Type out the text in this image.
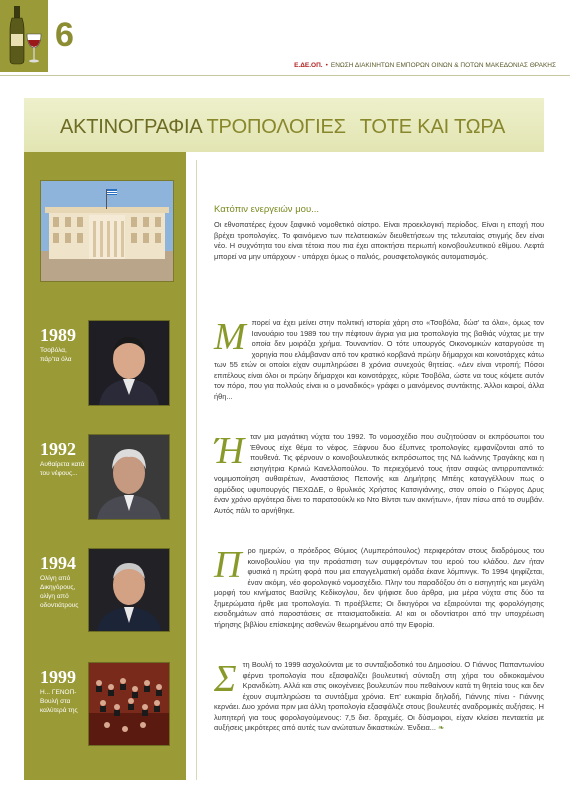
6
Ε.ΔΕ.ΟΠ. • ΕΝΩΣΗ ΔΙΑΚΙΝΗΤΩΝ ΕΜΠΟΡΩΝ ΟΙΝΩΝ & ΠΟΤΩΝ ΜΑΚΕΔΟΝΙΑΣ ΘΡΑΚΗΣ
ΑΚΤΙΝΟΓΡΑΦΙΑ ΤΡΟΠΟΛΟΓΙΕΣ ΤΟΤΕ ΚΑΙ ΤΩΡΑ
1989
Τσοβόλα, πάρ'τα όλα
1992
Αυθαίρετα κατά του νέφους...
1994
Ολίγη από Δικηγόρους, ολίγη από οδοντιάτρους
1999
Η... ΓΕΝΟΠ-Βουλή στα καλύτερά της
Κατόπιν ενεργειών μου...
Οι εθνοπατέρες έχουν ξαφνικό νομοθετικό οίστρο. Είναι προεκλογική περίοδος. Είναι η εποχή που βρέχει τροπολογίες. Το φαινόμενο των πελατειακών διευθετήσεων της τελευταίας στιγμής δεν είναι νέο. Η συχνότητα του είναι τέτοια που πια έχει αποκτήσει περιωπή κοινοβουλευτικού εθίμου. Λεφτά μπορεί να μην υπάρχουν - υπάρχει όμως ο παλιός, ρουσφετολογικός αυτοματισμός.
Μπορεί να έχει μείνει στην πολιτική ιστορία χάρη στο «Τσοβόλα, δώσ' τα όλα», όμως τον Ιανουάριο του 1989 του την πέφτουν άγρια για μια τροπολογία της βαθιάς νύχτας με την οποία δεν μοιράζει χρήμα. Τουναντίον. Ο τότε υπουργός Οικονομικών καταργούσε τη χορηγία που ελάμβαναν από τον κρατικό κορβανά πρώην δήμαρχοι και κοινοτάρχες κάτω των 55 ετών οι οποίοι είχαν συμπληρώσει 8 χρόνια συνεχούς θητείας. «Δεν είναι ντροπή; Πόσοι επιτέλους είναι όλοι οι πρώην δήμαρχοι και κοινοτάρχες, κύριε Τσοβόλα, ώστε να τους κόψετε αυτόν τον πόρο, που για πολλούς είναι κι ο μοναδικός» γράφει ο μαινόμενος συντάκτης. Άλλοι καιροί, άλλα ήθη...
Ήταν μια μαγιάτικη νύχτα του 1992. Το νομοσχέδιο που συζητούσαν οι εκπρόσωποι του Έθνους είχε θέμα το νέφος. Ξάφνου δυο έξυπνες τροπολογίες εμφανίζονται από το πουθενά. Τις φέρνουν ο κοινοβουλευτικός εκπρόσωπος της ΝΔ Ιωάννης Τραγάκης και η εισηγήτρια Κρινιώ Κανελλοπούλου. Το περιεχόμενό τους ήταν σαφώς αντιρρυπαντικό: νομιμοποίηση αυθαιρέτων, Αναστάσιος Πεπονής και Δημήτρης Μπέης καταγγέλλουν πως ο αρμόδιος υφυπουργός ΠΕΧΩΔΕ, ο θρυλικός Χρήστος Κατσιγιάννης, στον οποίο ο Γιώργος Δρυς έναν χρόνο αργότερα δίνει το παρατσούκλι κο Ντο Βίντσι των ακινήτων», ήταν πίσω από το συμβάν. Αυτός πάλι το αρνήθηκε.
Προ ημερών, ο πρόεδρος Θύμιος (Λυμπερόπουλος) περιφερόταν στους διαδρόμους του κοινοβουλίου για την προάσπιση των συμφερόντων του ιερού του κλάδου. Δεν ήταν φυσικά η πρώτη φορά που μια επαγγελματική ομάδα έκανε λόμπινγκ. Το 1994 ψηφίζεται, έναν ακόμη, νέο φορολογικό νομοσχέδιο. Πλην του παραδόξου ότι ο εισηγητής και μεγάλη μορφή του κινήματος Βασίλης Κεδίκογλου, δεν ψήφισε δυο άρθρα, μια μέρα νύχτα στις δύο τα ξημερώματα ήρθε μια τροπολογία. Τι προέβλεπε; Οι δικηγόροι να εξαιρούνται της φορολόγησης εισοδημάτων από παροστάσεις σε πταισματοδικεία. Α! και οι οδοντίατροι από την υποχρέωση τήρησης βιβλίου επίσκεψης ασθενών θεωρημένου από την Εφορία.
Στη Βουλή το 1999 ασχολούνται με το συνταξιοδοτικό του Δημοσίου. Ο Γιάννος Παπαντωνίου φέρνει τροπολογία που εξασφαλίζει βουλευτική σύνταξη στη χήρα του οδικοκαμένου Κρανιδιώτη. Αλλά και στις οικογένειες βουλευτών που πεθαίνουν κατά τη θητεία τους και δεν έχουν συμπληρώσει τα συντάξιμα χρόνια. Επ' ευκαιρία δηλαδή, Γιάννης πίνει - Γιάννης κερνάει. Δυο χρόνια πριν μια άλλη τροπολογία εξασφάλιζε στους βουλευτές αναδρομικές αυξήσεις. Η λυπητερή για τους φορολογούμενους: 7,5 δισ. δραχμές. Οι δύσμοιροι, είχαν κλείσει πενταετία με αυξήσεις μικρότερες από αυτές των ανώτατων δικαστικών. Ένδεια... ❧
